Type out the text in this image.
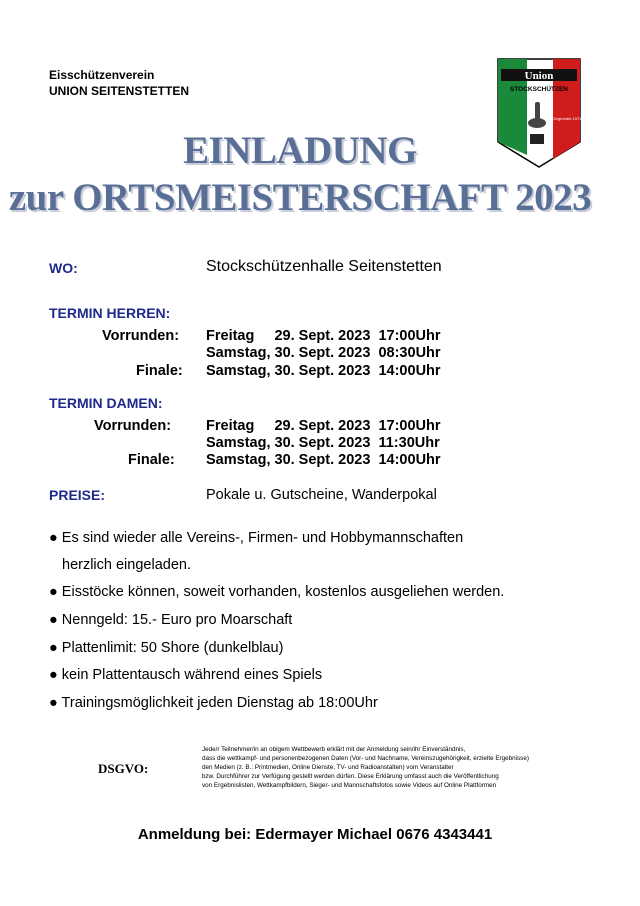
Eisschützenverein
UNION SEITENSTETTEN
Union
STOCKSCHÜTZEN
Gegründet 1971
EINLADUNG
zur ORTSMEISTERSCHAFT 2023
WO:	Stockschützenhalle Seitenstetten
TERMIN HERREN:
Vorrunden: Freitag     29. Sept. 2023  17:00Uhr
Samstag, 30. Sept. 2023  08:30Uhr
Finale: Samstag, 30. Sept. 2023  14:00Uhr
TERMIN DAMEN:
Vorrunden: Freitag     29. Sept. 2023  17:00Uhr
Samstag, 30. Sept. 2023  11:30Uhr
Finale: Samstag, 30. Sept. 2023  14:00Uhr
PREISE:	Pokale u. Gutscheine, Wanderpokal
● Es sind wieder alle Vereins-, Firmen- und Hobbymannschaften
herzlich eingeladen.
● Eisstöcke können, soweit vorhanden, kostenlos ausgeliehen werden.
● Nenngeld: 15.- Euro pro Moarschaft
● Plattenlimit: 50 Shore (dunkelblau)
● kein Plattentausch während eines Spiels
● Trainingsmöglichkeit jeden Dienstag ab 18:00Uhr
DSGVO:
Jede/r Teilnehmer/in an obigem Wettbewerb erklärt mit der Anmeldung sein/ihr Einverständnis,
dass die wettkampf- und personenbezogenen Daten (Vor- und Nachname, Vereinszugehörigkeit, erzielte Ergebnisse)
den Medien (z. B.: Printmedien, Online Dienste, TV- und Radioanstalten) vom Veranstalter
bzw. Durchführer zur Verfügung gestellt werden dürfen. Diese Erklärung umfasst auch die Veröffentlichung
von Ergebnislisten, Wettkampfbildern, Sieger- und Mannschaftsfotos sowie Videos auf Online Plattformen
Anmeldung bei: Edermayer Michael 0676 4343441
